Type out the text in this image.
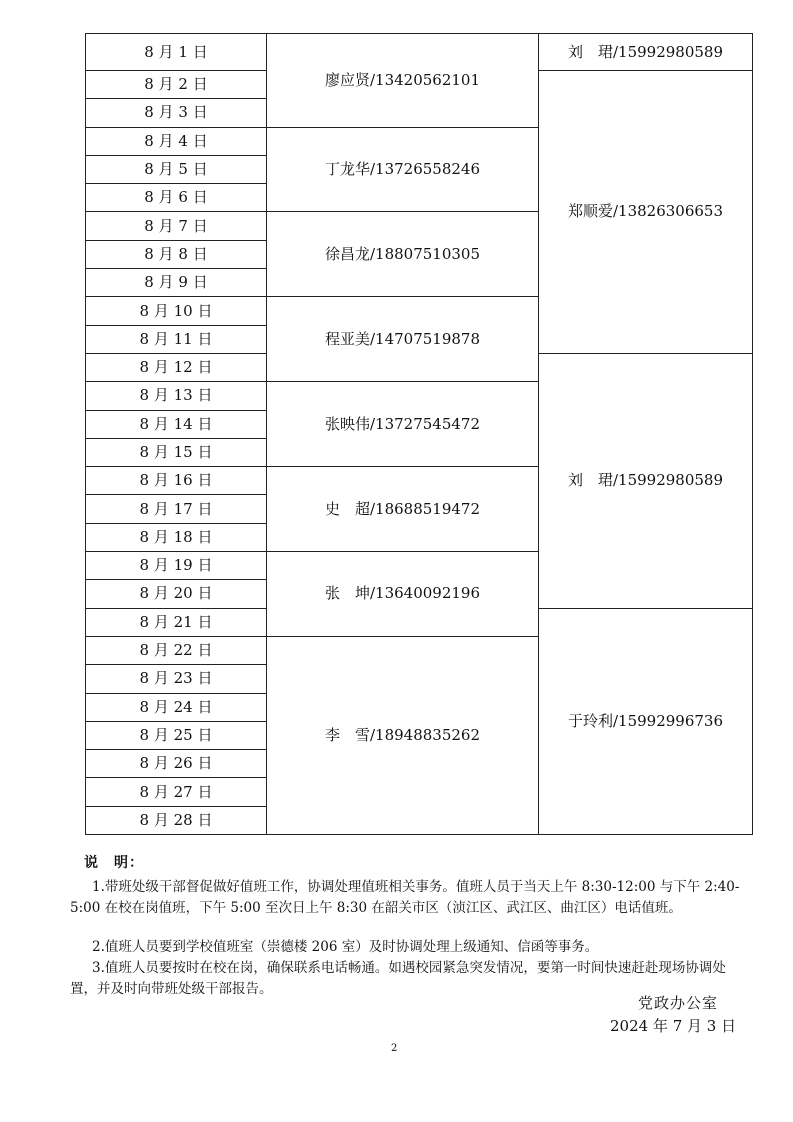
8 月 1 日	廖应贤/13420562101	刘　珺/15992980589
8 月 2 日		郑顺爱/13826306653
8 月 3 日		
8 月 4 日	丁龙华/13726558246	
8 月 5 日		
8 月 6 日		
8 月 7 日	徐昌龙/18807510305	
8 月 8 日		
8 月 9 日		
8 月 10 日	程亚美/14707519878	
8 月 11 日		
8 月 12 日		刘　珺/15992980589
8 月 13 日	张映伟/13727545472	
8 月 14 日		
8 月 15 日		
8 月 16 日	史　超/18688519472	
8 月 17 日		
8 月 18 日		
8 月 19 日	张　坤/13640092196	
8 月 20 日		
8 月 21 日		于玲利/15992996736
8 月 22 日	李　雪/18948835262	
8 月 23 日		
8 月 24 日		
8 月 25 日		
8 月 26 日		
8 月 27 日		
8 月 28 日		
说　明：
1.带班处级干部督促做好值班工作，协调处理值班相关事务。值班人员于当天上午 8:30-12:00 与下午 2:40-5:00 在校在岗值班，下午 5:00 至次日上午 8:30 在韶关市区（浈江区、武江区、曲江区）电话值班。
2.值班人员要到学校值班室（崇德楼 206 室）及时协调处理上级通知、信函等事务。
3.值班人员要按时在校在岗，确保联系电话畅通。如遇校园紧急突发情况，要第一时间快速赶赴现场协调处置，并及时向带班处级干部报告。
党政办公室
2024 年 7 月 3 日
2
